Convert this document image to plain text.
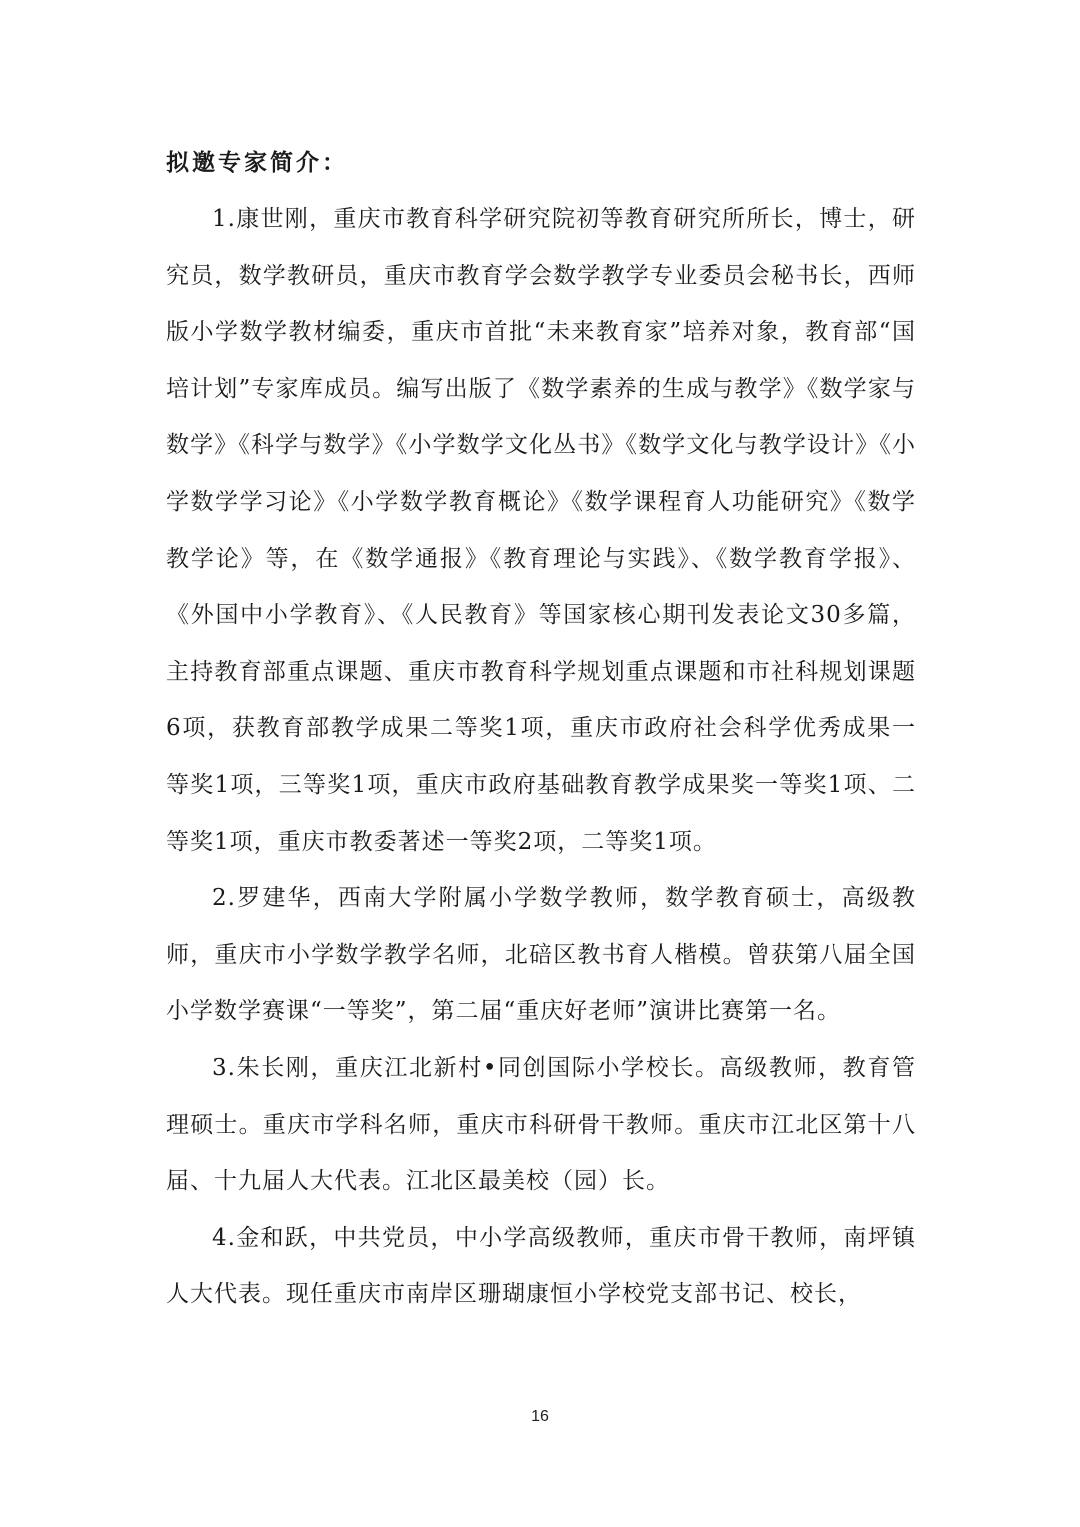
拟邀专家简介：

1.康世刚，重庆市教育科学研究院初等教育研究所所长，博士，研究员，数学教研员，重庆市教育学会数学教学专业委员会秘书长，西师版小学数学教材编委，重庆市首批“未来教育家”培养对象，教育部“国培计划”专家库成员。编写出版了《数学素养的生成与教学》《数学家与数学》《科学与数学》《小学数学文化丛书》《数学文化与教学设计》《小学数学学习论》《小学数学教育概论》《数学课程育人功能研究》《数学教学论》等，在《数学通报》《教育理论与实践》、《数学教育学报》、《外国中小学教育》、《人民教育》等国家核心期刊发表论文30多篇，主持教育部重点课题、重庆市教育科学规划重点课题和市社科规划课题6项，获教育部教学成果二等奖1项，重庆市政府社会科学优秀成果一等奖1项，三等奖1项，重庆市政府基础教育教学成果奖一等奖1项、二等奖1项，重庆市教委著述一等奖2项，二等奖1项。

2.罗建华，西南大学附属小学数学教师，数学教育硕士，高级教师，重庆市小学数学教学名师，北碚区教书育人楷模。曾获第八届全国小学数学赛课“一等奖”，第二届“重庆好老师”演讲比赛第一名。

3.朱长刚，重庆江北新村•同创国际小学校长。高级教师，教育管理硕士。重庆市学科名师，重庆市科研骨干教师。重庆市江北区第十八届、十九届人大代表。江北区最美校（园）长。

4.金和跃，中共党员，中小学高级教师，重庆市骨干教师，南坪镇人大代表。现任重庆市南岸区珊瑚康恒小学校党支部书记、校长，

16
